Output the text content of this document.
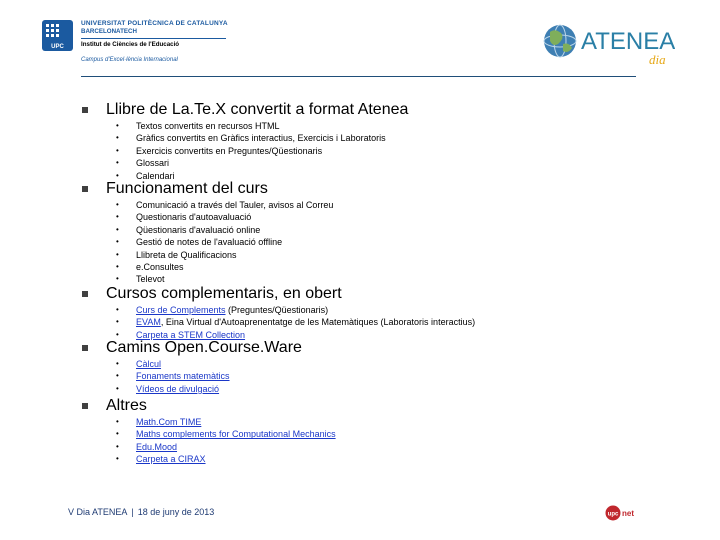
UPC
UNIVERSITAT POLITÈCNICA DE CATALUNYA
BARCELONATECH
Institut de Ciències de l'Educació
Campus d'Excel·lència Internacional
ATENEA
dia
Llibre de La.Te.X convertit a format Atenea
• Textos convertits en recursos HTML
• Gràfics convertits en Gràfics interactius, Exercicis i Laboratoris
• Exercicis convertits en Preguntes/Qüestionaris
• Glossari
• Calendari
Funcionament del curs
• Comunicació a través del Tauler, avisos al Correu
• Questionaris d'autoavaluació
• Qüestionaris d'avaluació online
• Gestió de notes de l'avaluació offline
• Llibreta de Qualificacions
• e.Consultes
• Televot
Cursos complementaris, en obert
• Curs de Complements (Preguntes/Qüestionaris)
• EVAM, Eina Virtual d'Autoaprenentatge de les Matemàtiques (Laboratoris interactius)
• Carpeta a STEM Collection
Camins Open.Course.Ware
• Càlcul
• Fonaments matemàtics
• Vídeos de divulgació
Altres
• Math.Com TIME
• Maths complements for Computational Mechanics
• Edu.Mood
• Carpeta a CIRAX
V Dia ATENEA | 18 de juny de 2013	upc net
